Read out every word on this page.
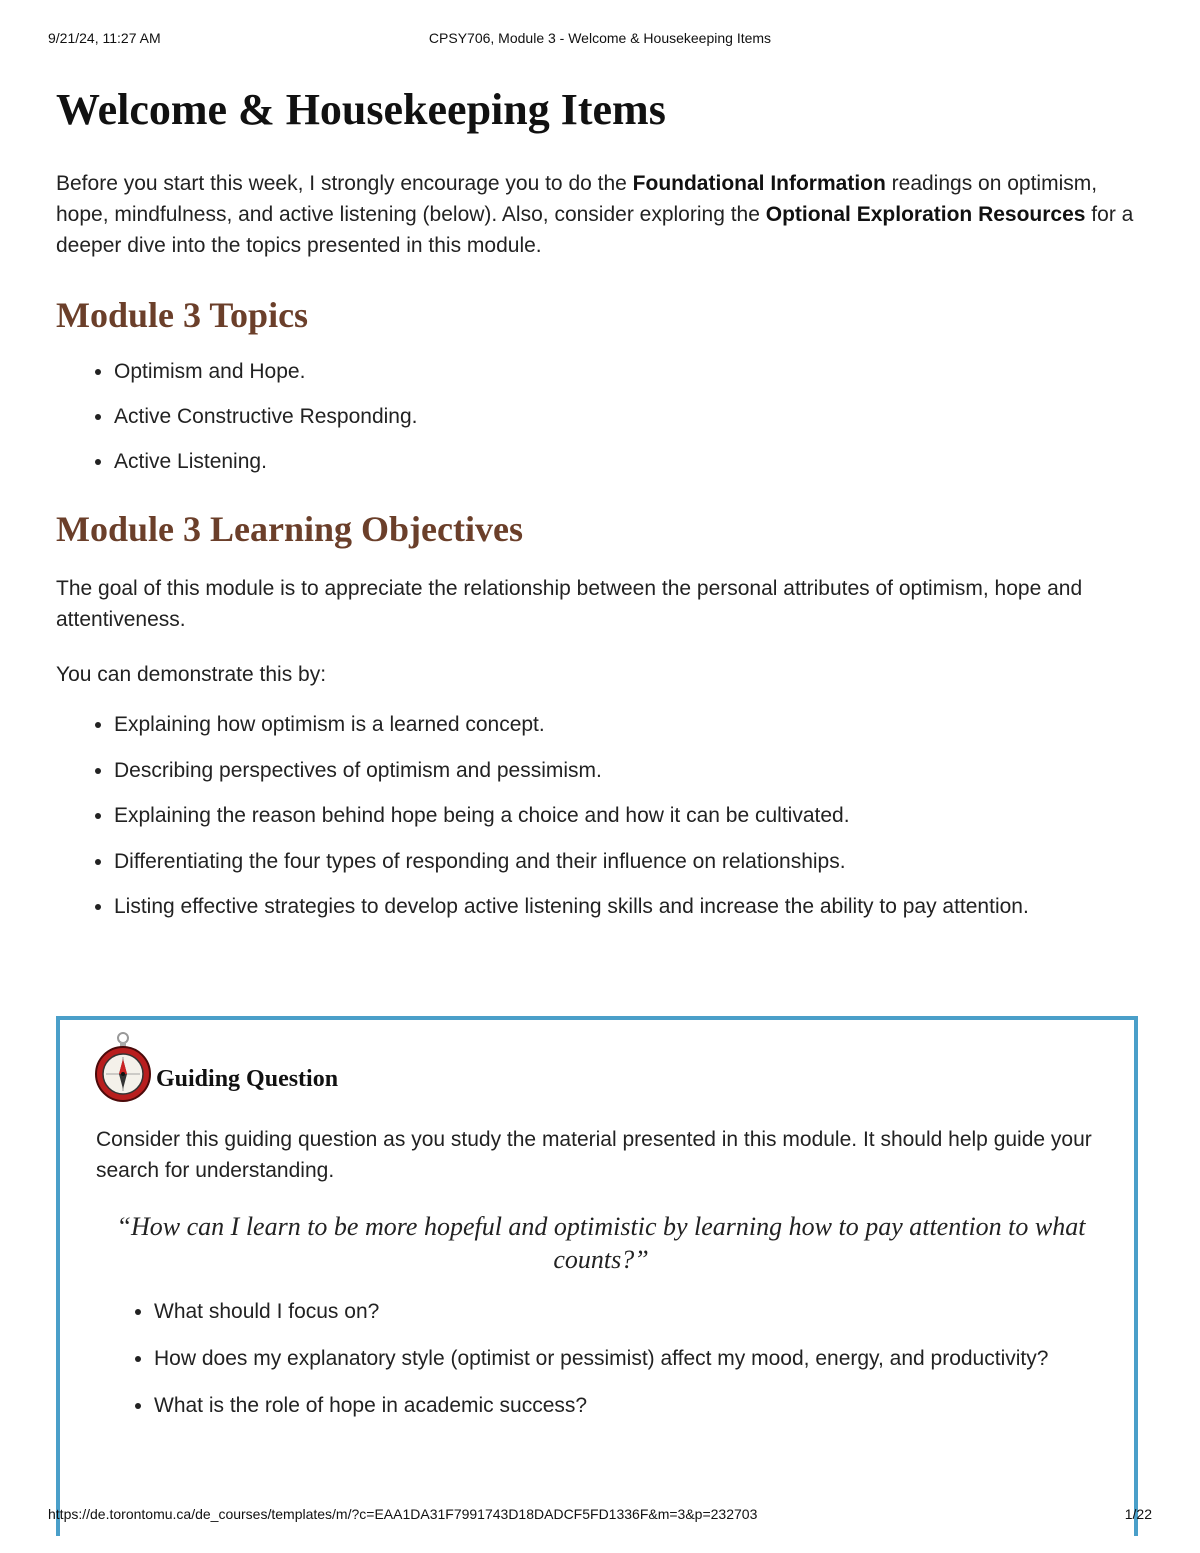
9/21/24, 11:27 AM	CPSY706, Module 3 - Welcome & Housekeeping Items
Welcome & Housekeeping Items

Before you start this week, I strongly encourage you to do the Foundational Information readings on optimism, hope, mindfulness, and active listening (below). Also, consider exploring the Optional Exploration Resources for a deeper dive into the topics presented in this module.

Module 3 Topics
• Optimism and Hope.
• Active Constructive Responding.
• Active Listening.
Module 3 Learning Objectives

The goal of this module is to appreciate the relationship between the personal attributes of optimism, hope and attentiveness.

You can demonstrate this by:

• Explaining how optimism is a learned concept.
• Describing perspectives of optimism and pessimism.
• Explaining the reason behind hope being a choice and how it can be cultivated.
• Differentiating the four types of responding and their influence on relationships.
• Listing effective strategies to develop active listening skills and increase the ability to pay attention.
Guiding Question

Consider this guiding question as you study the material presented in this module. It should help guide your search for understanding.

“How can I learn to be more hopeful and optimistic by learning how to pay attention to what counts?”
• What should I focus on?
• How does my explanatory style (optimist or pessimist) affect my mood, energy, and productivity?
• What is the role of hope in academic success?
https://de.torontomu.ca/de_courses/templates/m/?c=EAA1DA31F7991743D18DADCF5FD1336F&m=3&p=232703	1/22
